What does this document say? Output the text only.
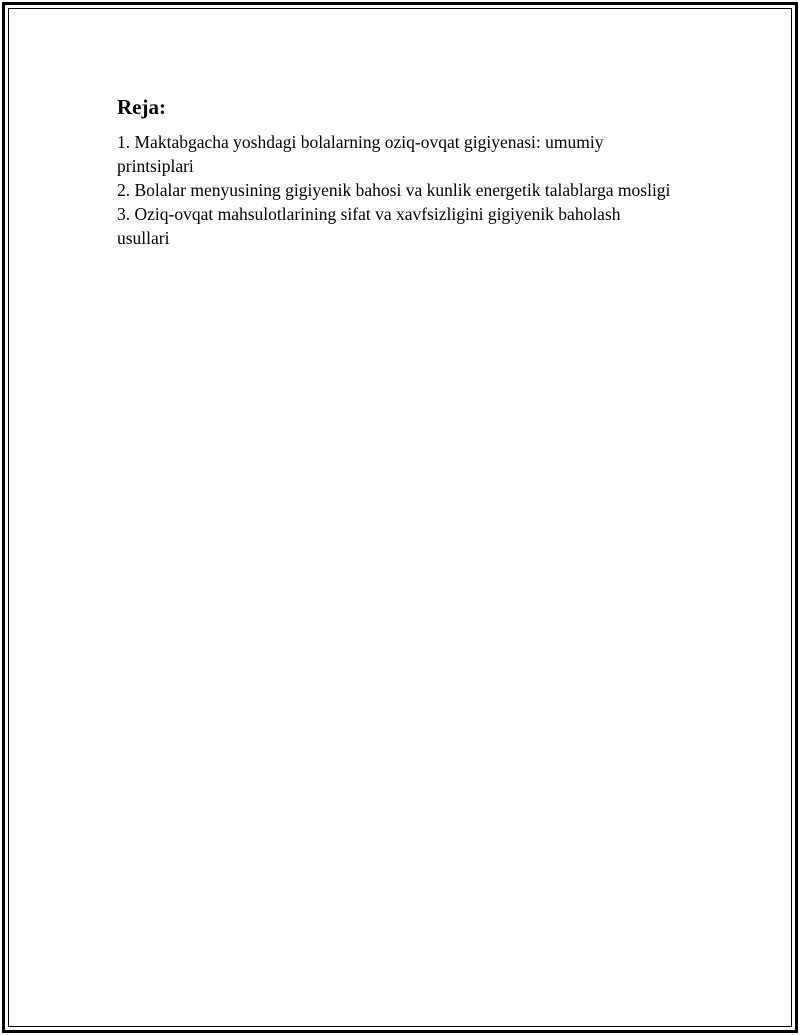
Reja:
1. Maktabgacha yoshdagi bolalarning oziq-ovqat gigiyenasi: umumiy printsiplari
2. Bolalar menyusining gigiyenik bahosi va kunlik energetik talablarga mosligi
3. Oziq-ovqat mahsulotlarining sifat va xavfsizligini gigiyenik baholash usullari
